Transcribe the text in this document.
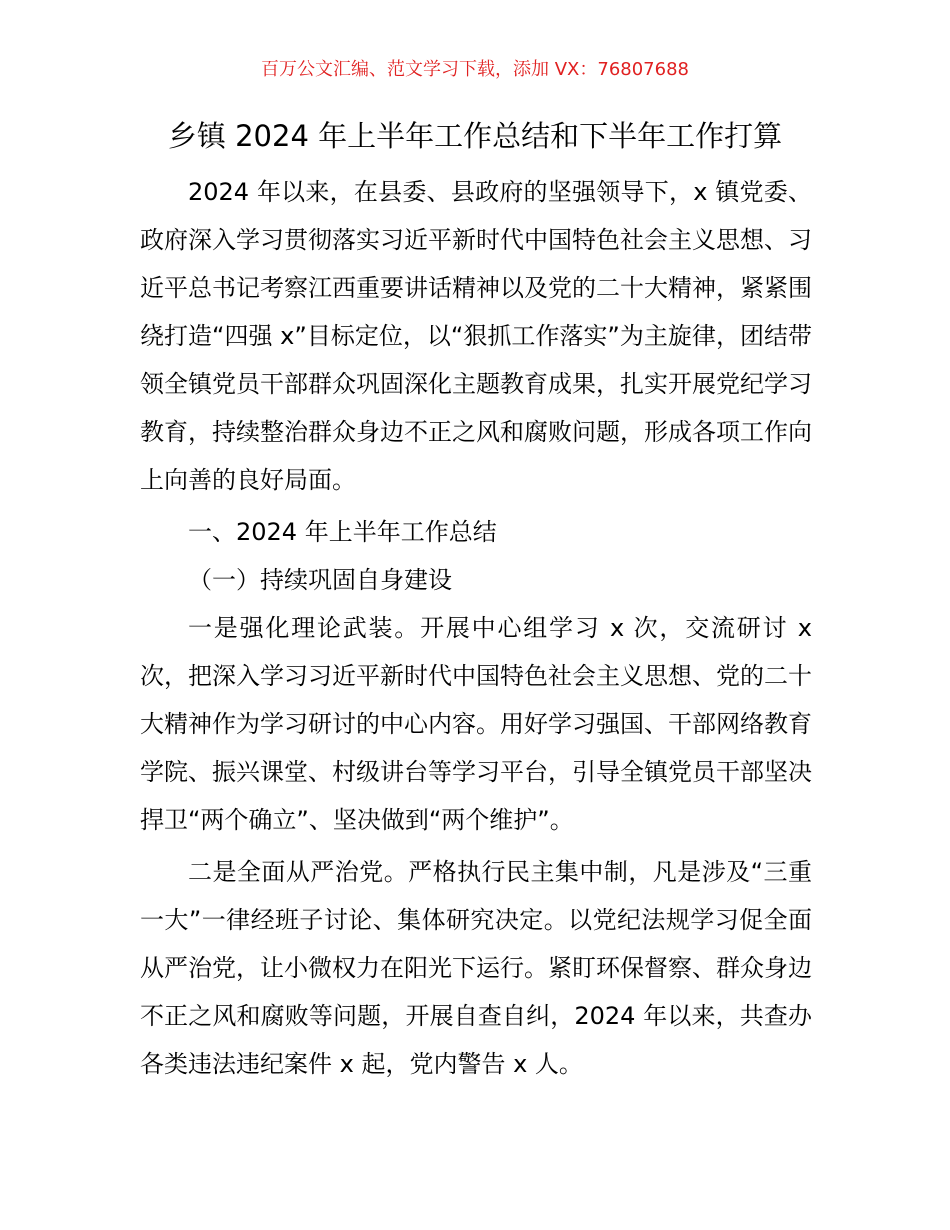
百万公文汇编、范文学习下载，添加 VX：76807688
乡镇 2024 年上半年工作总结和下半年工作打算

2024 年以来，在县委、县政府的坚强领导下，x 镇党委、政府深入学习贯彻落实习近平新时代中国特色社会主义思想、习近平总书记考察江西重要讲话精神以及党的二十大精神，紧紧围绕打造“四强 x”目标定位，以“狠抓工作落实”为主旋律，团结带领全镇党员干部群众巩固深化主题教育成果，扎实开展党纪学习教育，持续整治群众身边不正之风和腐败问题，形成各项工作向上向善的良好局面。

一、2024 年上半年工作总结

（一）持续巩固自身建设

一是强化理论武装。开展中心组学习 x 次，交流研讨 x 次，把深入学习习近平新时代中国特色社会主义思想、党的二十大精神作为学习研讨的中心内容。用好学习强国、干部网络教育学院、振兴课堂、村级讲台等学习平台，引导全镇党员干部坚决捍卫“两个确立”、坚决做到“两个维护”。

二是全面从严治党。严格执行民主集中制，凡是涉及“三重一大”一律经班子讨论、集体研究决定。以党纪法规学习促全面从严治党，让小微权力在阳光下运行。紧盯环保督察、群众身边不正之风和腐败等问题，开展自查自纠，2024 年以来，共查办各类违法违纪案件 x 起，党内警告 x 人。
